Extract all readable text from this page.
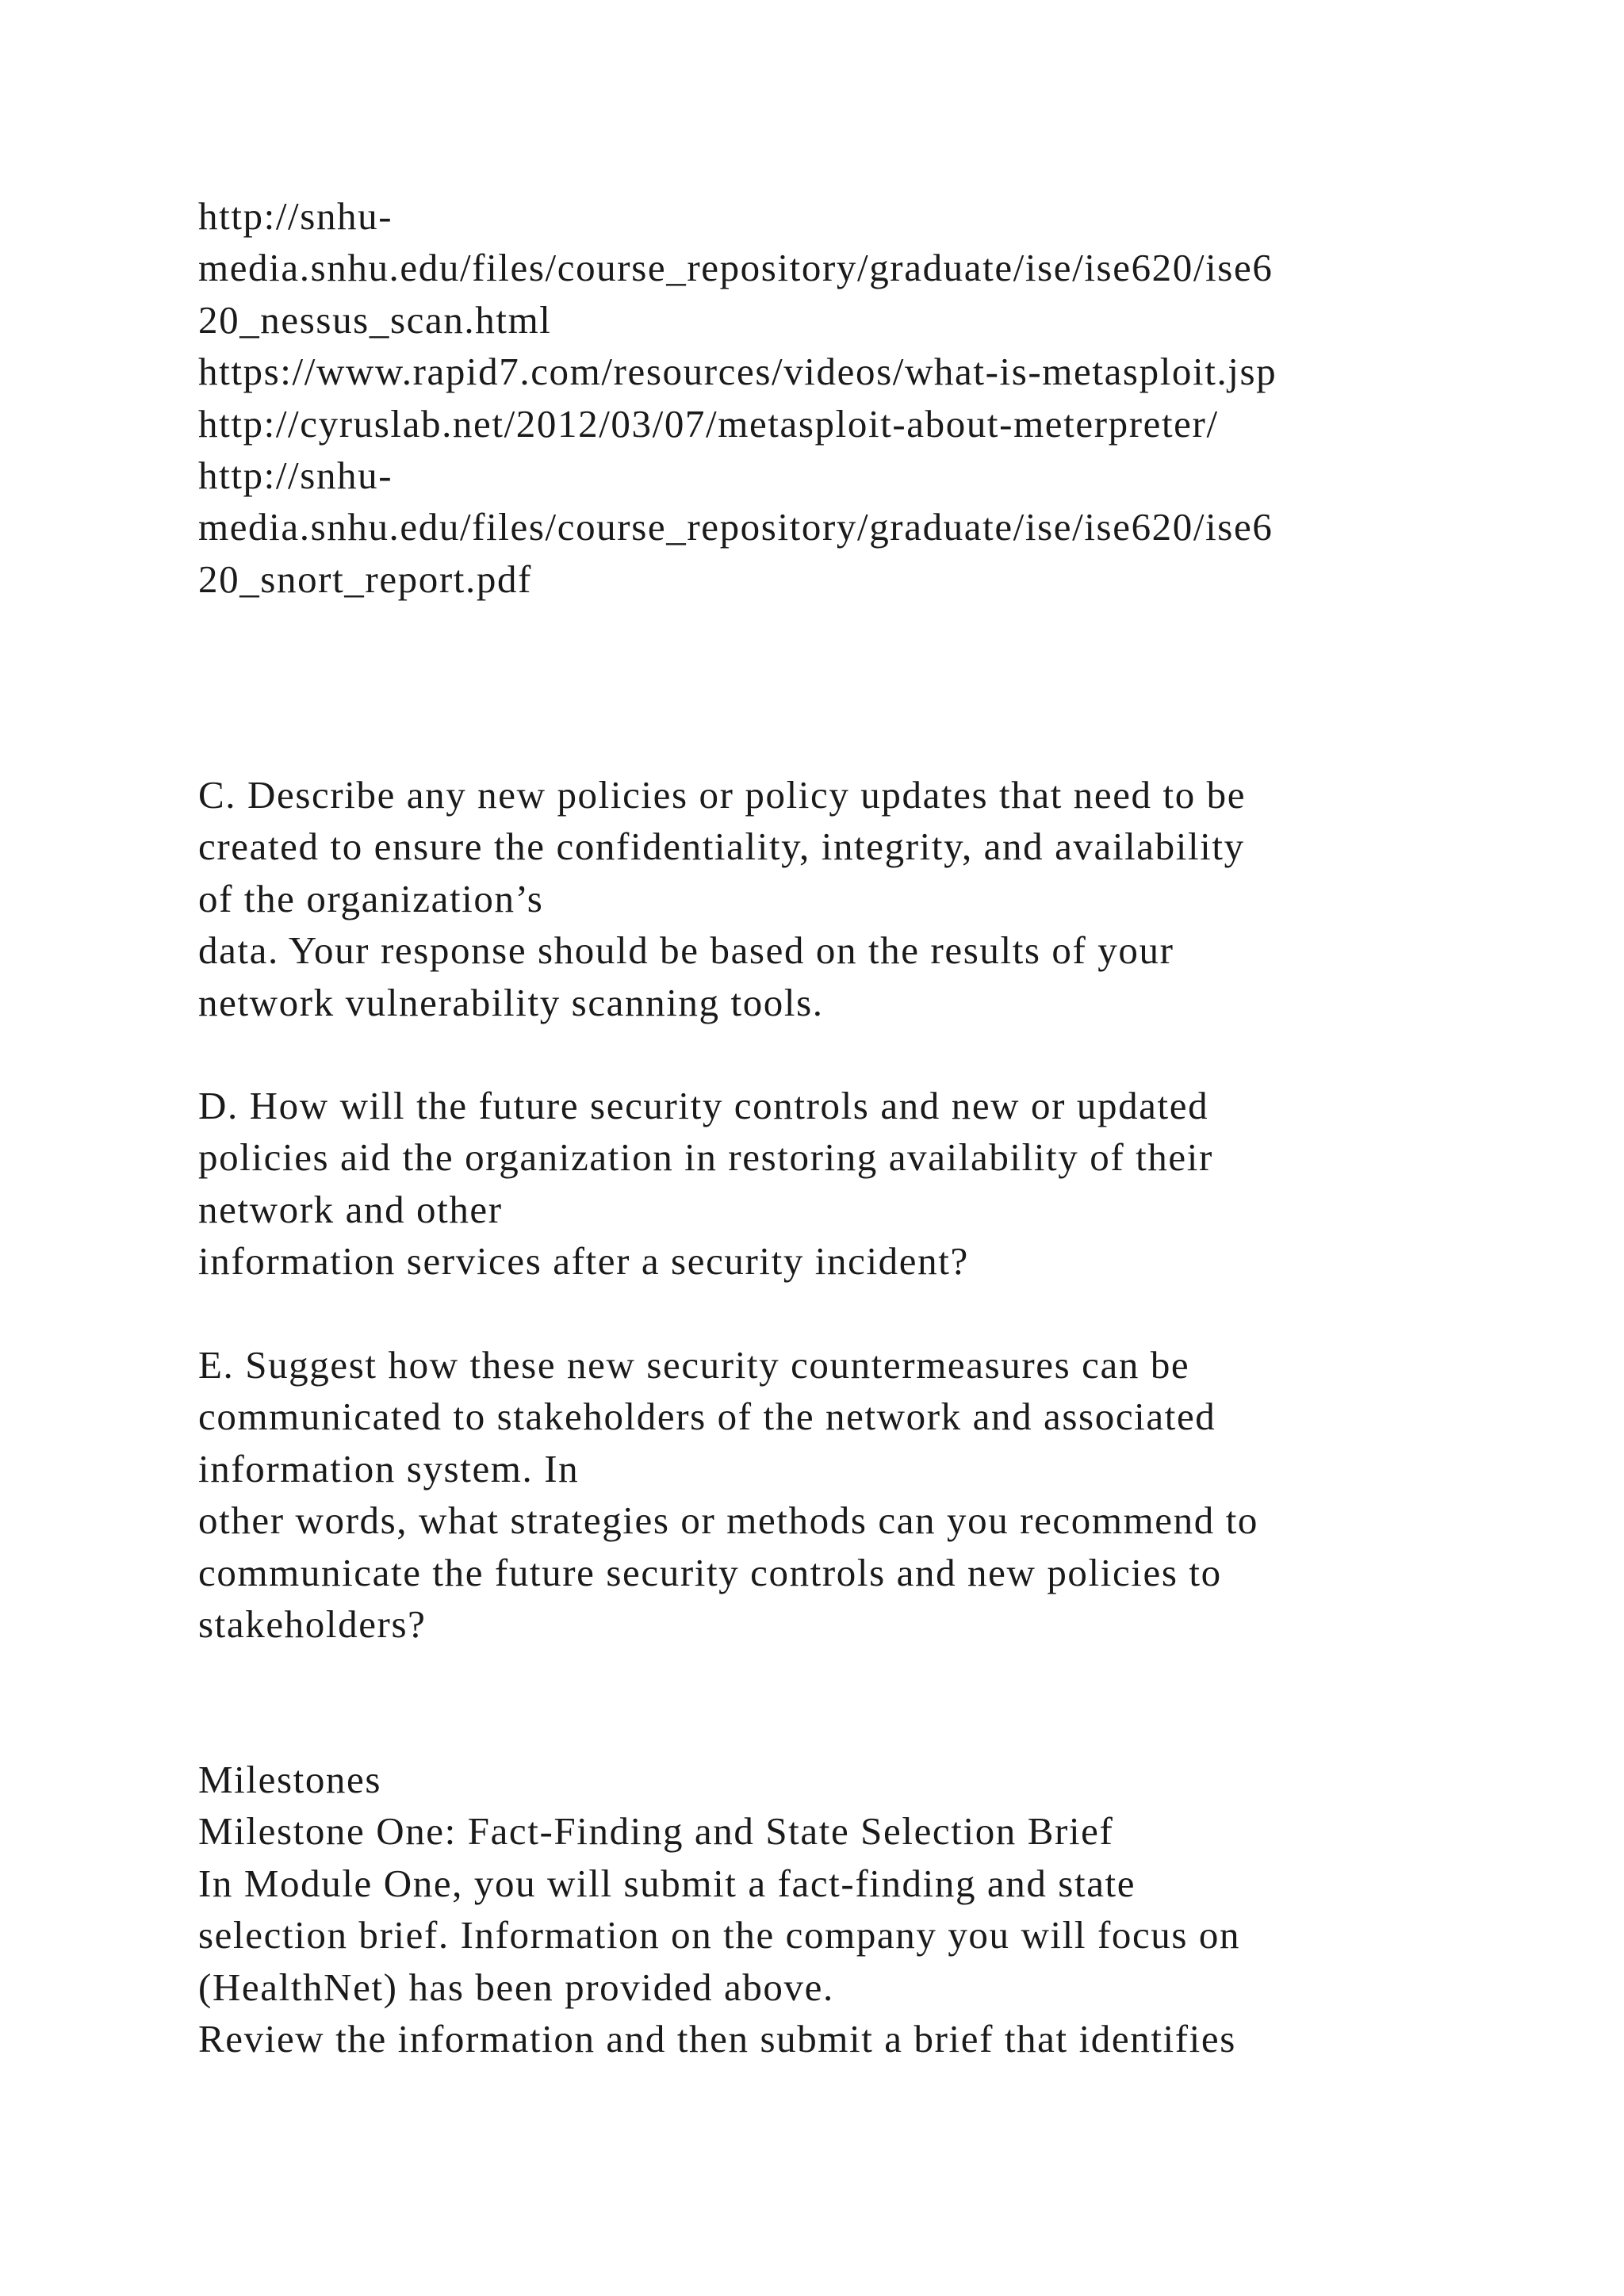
http://snhu-
media.snhu.edu/files/course_repository/graduate/ise/ise620/ise6
20_nessus_scan.html
https://www.rapid7.com/resources/videos/what-is-metasploit.jsp
http://cyruslab.net/2012/03/07/metasploit-about-meterpreter/
http://snhu-
media.snhu.edu/files/course_repository/graduate/ise/ise620/ise6
20_snort_report.pdf
C. Describe any new policies or policy updates that need to be
created to ensure the confidentiality, integrity, and availability
of the organization’s
data. Your response should be based on the results of your
network vulnerability scanning tools.
D. How will the future security controls and new or updated
policies aid the organization in restoring availability of their
network and other
information services after a security incident?
E. Suggest how these new security countermeasures can be
communicated to stakeholders of the network and associated
information system. In
other words, what strategies or methods can you recommend to
communicate the future security controls and new policies to
stakeholders?
Milestones
Milestone One: Fact-Finding and State Selection Brief
In Module One, you will submit a fact-finding and state
selection brief. Information on the company you will focus on
(HealthNet) has been provided above.
Review the information and then submit a brief that identifies
